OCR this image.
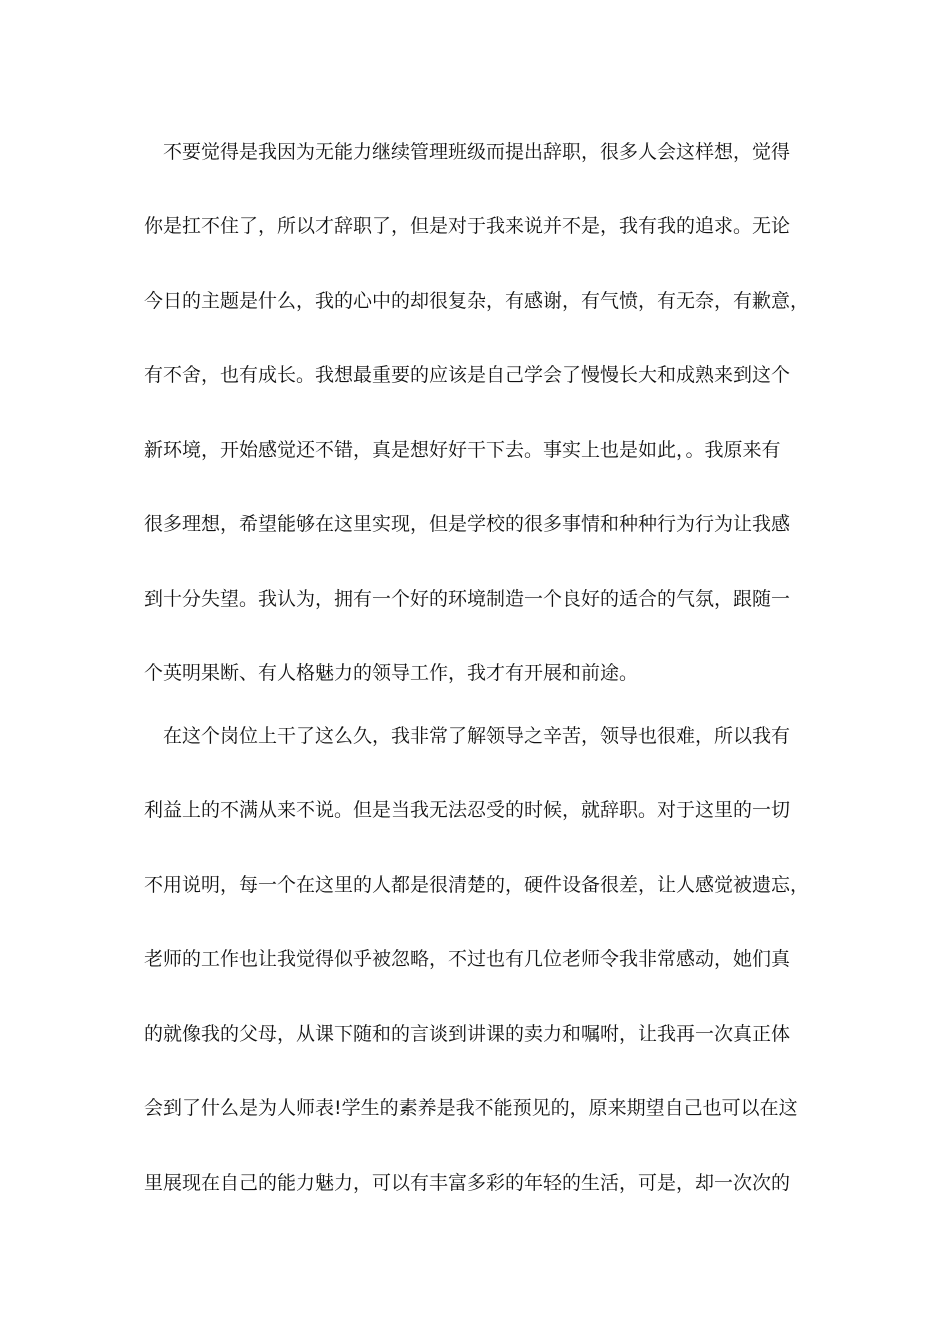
不要觉得是我因为无能力继续管理班级而提出辞职，很多人会这样想，觉得
你是扛不住了，所以才辞职了，但是对于我来说并不是，我有我的追求。无论
今日的主题是什么，我的心中的却很复杂，有感谢，有气愤，有无奈，有歉意，
有不舍，也有成长。我想最重要的应该是自己学会了慢慢长大和成熟来到这个
新环境，开始感觉还不错，真是想好好干下去。事实上也是如此，。我原来有
很多理想，希望能够在这里实现，但是学校的很多事情和种种行为行为让我感
到十分失望。我认为，拥有一个好的环境制造一个良好的适合的气氛，跟随一
个英明果断、有人格魅力的领导工作，我才有开展和前途。
在这个岗位上干了这么久，我非常了解领导之辛苦，领导也很难，所以我有
利益上的不满从来不说。但是当我无法忍受的时候，就辞职。对于这里的一切
不用说明，每一个在这里的人都是很清楚的，硬件设备很差，让人感觉被遗忘，
老师的工作也让我觉得似乎被忽略，不过也有几位老师令我非常感动，她们真
的就像我的父母，从课下随和的言谈到讲课的卖力和嘱咐，让我再一次真正体
会到了什么是为人师表!学生的素养是我不能预见的，原来期望自己也可以在这
里展现在自己的能力魅力，可以有丰富多彩的年轻的生活，可是，却一次次的
